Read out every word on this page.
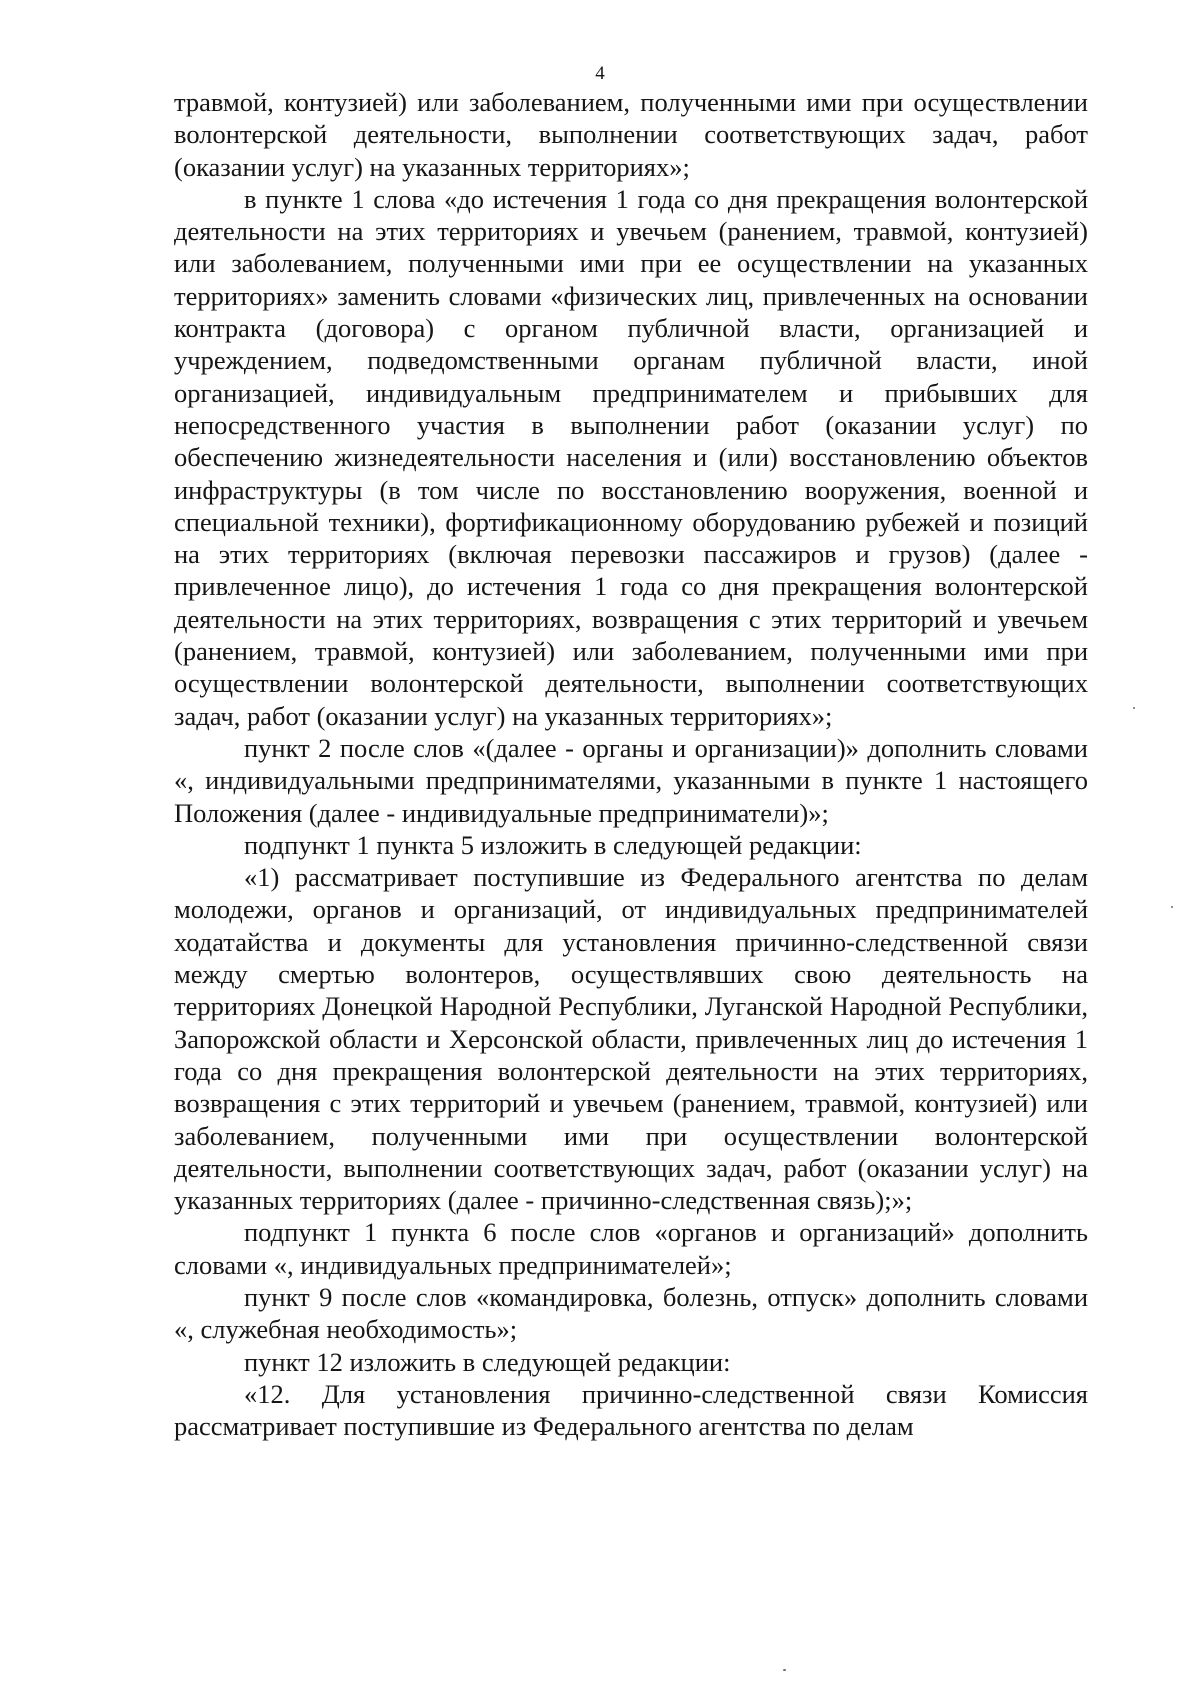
4

травмой, контузией) или заболеванием, полученными ими при осуществлении волонтерской деятельности, выполнении соответствующих задач, работ (оказании услуг) на указанных территориях»;

в пункте 1 слова «до истечения 1 года со дня прекращения волонтерской деятельности на этих территориях и увечьем (ранением, травмой, контузией) или заболеванием, полученными ими при ее осуществлении на указанных территориях» заменить словами «физических лиц, привлеченных на основании контракта (договора) с органом публичной власти, организацией и учреждением, подведомственными органам публичной власти, иной организацией, индивидуальным предпринимателем и прибывших для непосредственного участия в выполнении работ (оказании услуг) по обеспечению жизнедеятельности населения и (или) восстановлению объектов инфраструктуры (в том числе по восстановлению вооружения, военной и специальной техники), фортификационному оборудованию рубежей и позиций на этих территориях (включая перевозки пассажиров и грузов) (далее - привлеченное лицо), до истечения 1 года со дня прекращения волонтерской деятельности на этих территориях, возвращения с этих территорий и увечьем (ранением, травмой, контузией) или заболеванием, полученными ими при осуществлении волонтерской деятельности, выполнении соответствующих задач, работ (оказании услуг) на указанных территориях»;

пункт 2 после слов «(далее - органы и организации)» дополнить словами «, индивидуальными предпринимателями, указанными в пункте 1 настоящего Положения (далее - индивидуальные предприниматели)»;

подпункт 1 пункта 5 изложить в следующей редакции:

«1) рассматривает поступившие из Федерального агентства по делам молодежи, органов и организаций, от индивидуальных предпринимателей ходатайства и документы для установления причинно-следственной связи между смертью волонтеров, осуществлявших свою деятельность на территориях Донецкой Народной Республики, Луганской Народной Республики, Запорожской области и Херсонской области, привлеченных лиц до истечения 1 года со дня прекращения волонтерской деятельности на этих территориях, возвращения с этих территорий и увечьем (ранением, травмой, контузией) или заболеванием, полученными ими при осуществлении волонтерской деятельности, выполнении соответствующих задач, работ (оказании услуг) на указанных территориях (далее - причинно-следственная связь);»;

подпункт 1 пункта 6 после слов «органов и организаций» дополнить словами «, индивидуальных предпринимателей»;

пункт 9 после слов «командировка, болезнь, отпуск» дополнить словами «, служебная необходимость»;

пункт 12 изложить в следующей редакции:

«12. Для установления причинно-следственной связи Комиссия рассматривает поступившие из Федерального агентства по делам
